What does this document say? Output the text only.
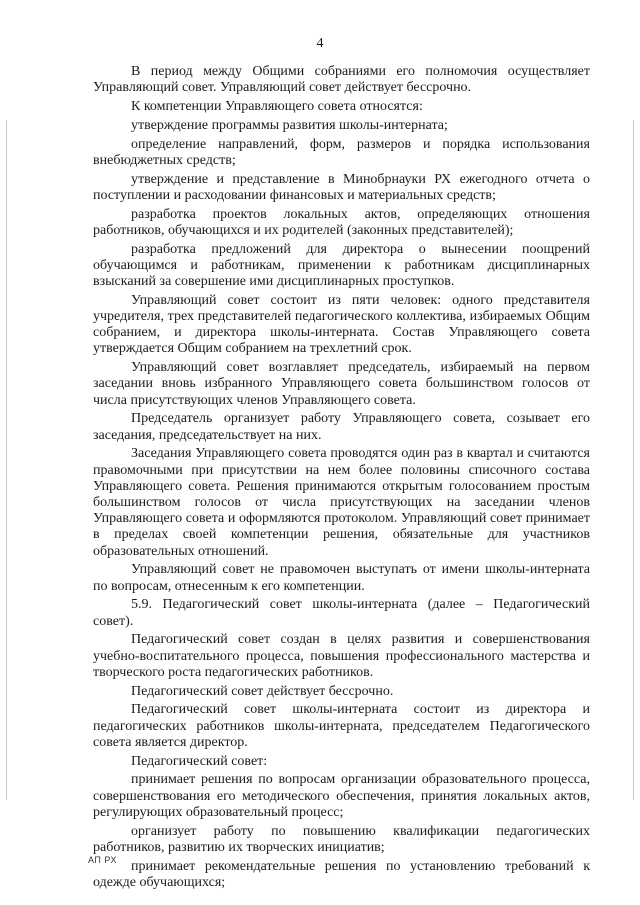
4

В период между Общими собраниями его полномочия осуществляет Управляющий совет. Управляющий совет действует бессрочно.

К компетенции Управляющего совета относятся:

утверждение программы развития школы-интерната;

определение направлений, форм, размеров и порядка использования внебюджетных средств;

утверждение и представление в Минобрнауки РХ ежегодного отчета о поступлении и расходовании финансовых и материальных средств;

разработка проектов локальных актов, определяющих отношения работников, обучающихся и их родителей (законных представителей);

разработка предложений для директора о вынесении поощрений обучающимся и работникам, применении к работникам дисциплинарных взысканий за совершение ими дисциплинарных проступков.

Управляющий совет состоит из пяти человек: одного представителя учредителя, трех представителей педагогического коллектива, избираемых Общим собранием, и директора школы-интерната. Состав Управляющего совета утверждается Общим собранием на трехлетний срок.

Управляющий совет возглавляет председатель, избираемый на первом заседании вновь избранного Управляющего совета большинством голосов от числа присутствующих членов Управляющего совета.

Председатель организует работу Управляющего совета, созывает его заседания, председательствует на них.

Заседания Управляющего совета проводятся один раз в квартал и считаются правомочными при присутствии на нем более половины списочного состава Управляющего совета. Решения принимаются открытым голосованием простым большинством голосов от числа присутствующих на заседании членов Управляющего совета и оформляются протоколом. Управляющий совет принимает в пределах своей компетенции решения, обязательные для участников образовательных отношений.

Управляющий совет не правомочен выступать от имени школы-интерната по вопросам, отнесенным к его компетенции.

5.9. Педагогический совет школы-интерната (далее – Педагогический совет).

Педагогический совет создан в целях развития и совершенствования учебно-воспитательного процесса, повышения профессионального мастерства и творческого роста педагогических работников.

Педагогический совет действует бессрочно.

Педагогический совет школы-интерната состоит из директора и педагогических работников школы-интерната, председателем Педагогического совета является директор.

Педагогический совет:

принимает решения по вопросам организации образовательного процесса, совершенствования его методического обеспечения, принятия локальных актов, регулирующих образовательный процесс;

организует работу по повышению квалификации педагогических работников, развитию их творческих инициатив;

принимает рекомендательные решения по установлению требований к одежде обучающихся;

АП РХ
